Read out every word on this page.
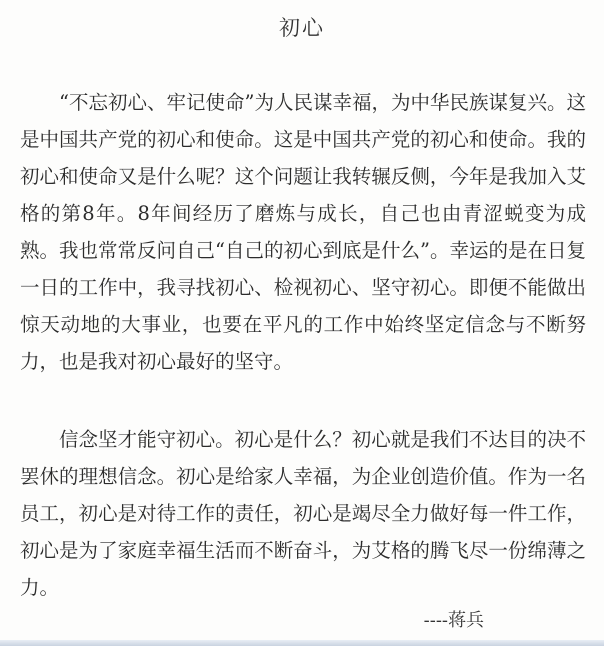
初心

“不忘初心、牢记使命”为人民谋幸福，为中华民族谋复兴。这是中国共产党的初心和使命。这是中国共产党的初心和使命。我的初心和使命又是什么呢？这个问题让我转辗反侧，今年是我加入艾格的第8年。8年间经历了磨炼与成长，自己也由青涩蜕变为成熟。我也常常反问自己“自己的初心到底是什么”。幸运的是在日复一日的工作中，我寻找初心、检视初心、坚守初心。即便不能做出惊天动地的大事业，也要在平凡的工作中始终坚定信念与不断努力，也是我对初心最好的坚守。

信念坚才能守初心。初心是什么？初心就是我们不达目的决不罢休的理想信念。初心是给家人幸福，为企业创造价值。作为一名员工，初心是对待工作的责任，初心是竭尽全力做好每一件工作，初心是为了家庭幸福生活而不断奋斗，为艾格的腾飞尽一份绵薄之力。

----蒋兵
